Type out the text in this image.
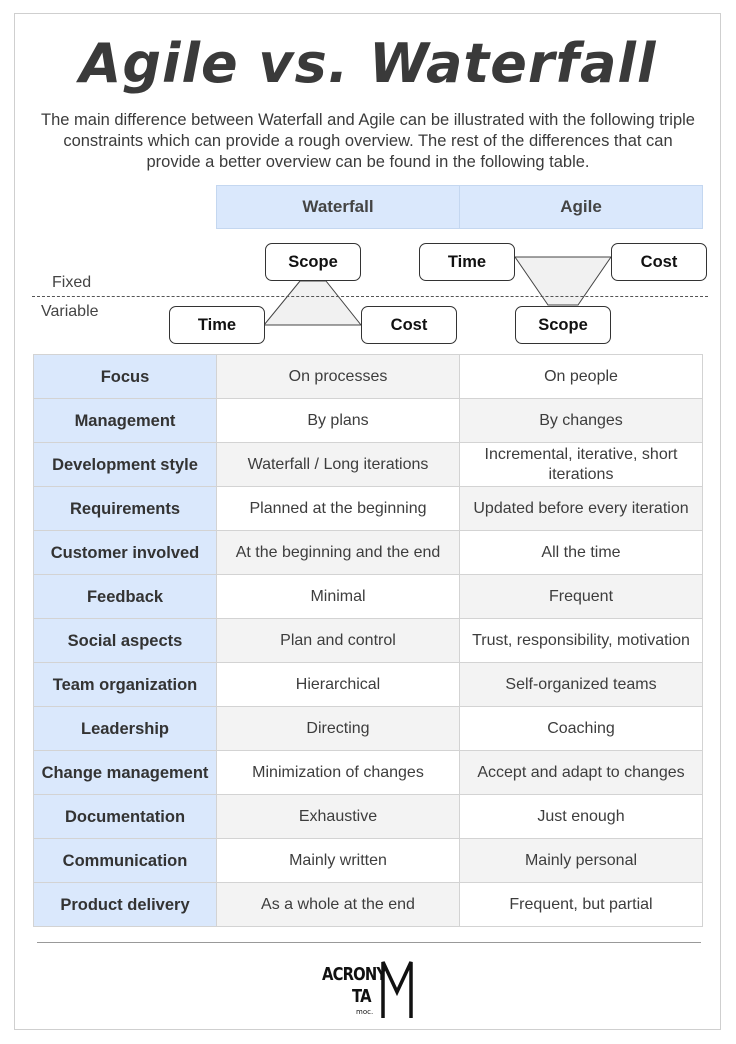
Agile vs. Waterfall
The main difference between Waterfall and Agile can be illustrated with the following triple constraints which can provide a rough overview. The rest of the differences that can provide a better overview can be found in the following table.
Waterfall	Agile
Fixed
Variable
Scope
Time	Cost
Time	Cost
Scope
Focus	On processes	On people
Management	By plans	By changes
Development style	Waterfall / Long iterations	Incremental, iterative, short iterations
Requirements	Planned at the beginning	Updated before every iteration
Customer involved	At the beginning and the end	All the time
Feedback	Minimal	Frequent
Social aspects	Plan and control	Trust, responsibility, motivation
Team organization	Hierarchical	Self-organized teams
Leadership	Directing	Coaching
Change management	Minimization of changes	Accept and adapt to changes
Documentation	Exhaustive	Just enough
Communication	Mainly written	Mainly personal
Product delivery	As a whole at the end	Frequent, but partial
ACRONY
TA
moc.
